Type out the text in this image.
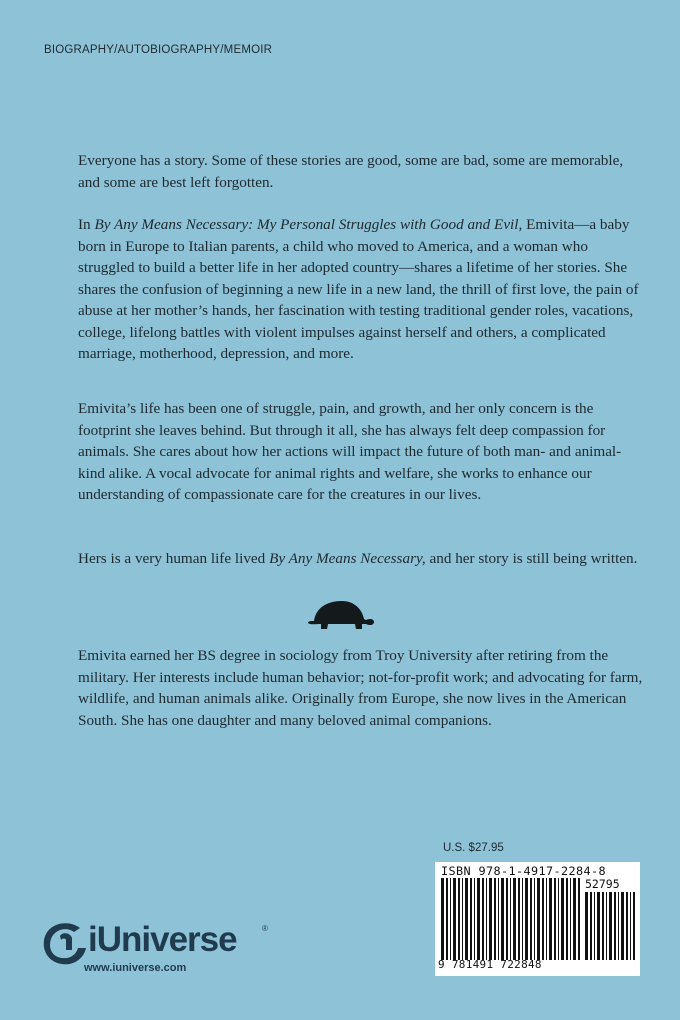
BIOGRAPHY/AUTOBIOGRAPHY/MEMOIR

Everyone has a story. Some of these stories are good, some are bad, some are memorable, and some are best left forgotten.

In By Any Means Necessary: My Personal Struggles with Good and Evil, Emivita—a baby born in Europe to Italian parents, a child who moved to America, and a woman who struggled to build a better life in her adopted country—shares a lifetime of her stories. She shares the confusion of beginning a new life in a new land, the thrill of first love, the pain of abuse at her mother’s hands, her fascination with testing traditional gender roles, vacations, college, lifelong battles with violent impulses against herself and others, a complicated marriage, motherhood, depression, and more.

Emivita’s life has been one of struggle, pain, and growth, and her only concern is the footprint she leaves behind. But through it all, she has always felt deep compassion for animals. She cares about how her actions will impact the future of both man- and animal-kind alike. A vocal advocate for animal rights and welfare, she works to enhance our understanding of compassionate care for the creatures in our lives.

Hers is a very human life lived By Any Means Necessary, and her story is still being written.

Emivita earned her BS degree in sociology from Troy University after retiring from the military. Her interests include human behavior; not-for-profit work; and advocating for farm, wildlife, and human animals alike. Originally from Europe, she now lives in the American South. She has one daughter and many beloved animal companions.

U.S. $27.95
ISBN 978-1-4917-2284-8
52795
9 781491 722848
iUniverse	®
www.iuniverse.com
